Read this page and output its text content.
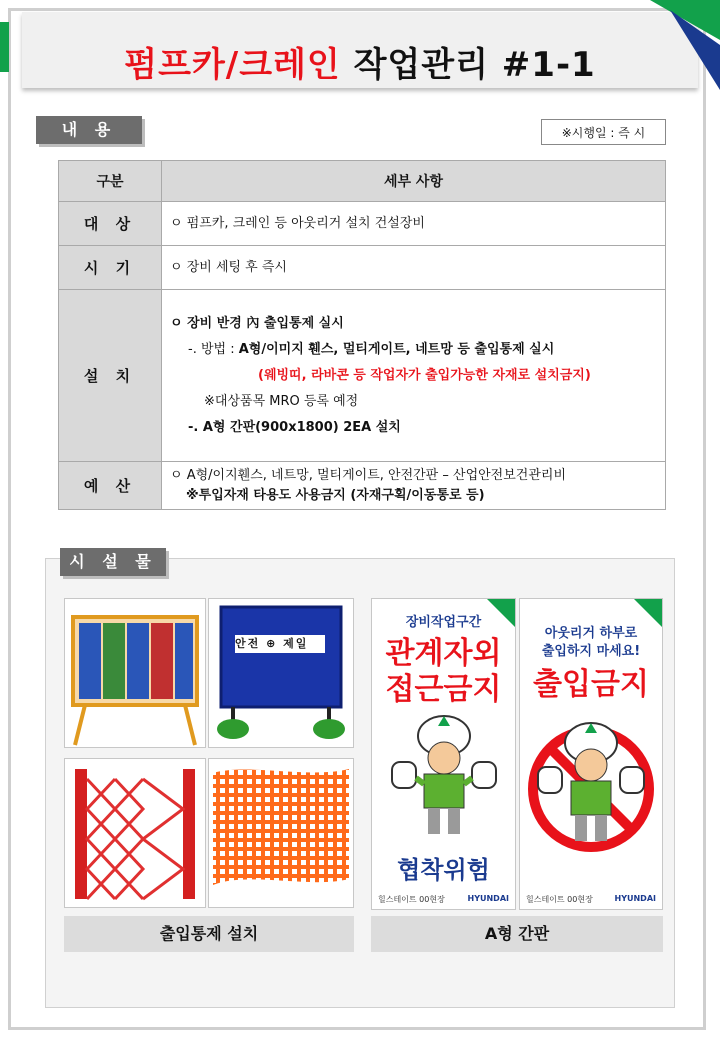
펌프카/크레인 작업관리 #1-1
내 용	※시행일 : 즉 시
구분	세부 사항
대 상	ㅇ 펌프카, 크레인 등 아웃리거 설치 건설장비

시 기	ㅇ 장비 세팅 후 즉시

설 치	ㅇ 장비 반경 內 출입통제 실시
-. 방법 : A형/이미지 휀스, 멀티게이트, 네트망 등 출입통제 실시
(웨빙띠, 라바콘 등 작업자가 출입가능한 자재로 설치금지)
※대상품목 MRO 등록 예정
-. A형 간판(900x1800) 2EA 설치

예 산	ㅇ A형/이지휀스, 네트망, 멀티게이트, 안전간판 – 산업안전보건관리비
※투입자재 타용도 사용금지 (자재구획/이동통로 등)
시 설 물
안전 ⊕ 제일
출입통제 설치
장비작업구간
관계자외
접근금지
협착위험
힐스테이트 00현장	HYUNDAI
아웃리거 하부로
출입하지 마세요!
출입금지
힐스테이트 00현장	HYUNDAI
A형 간판
